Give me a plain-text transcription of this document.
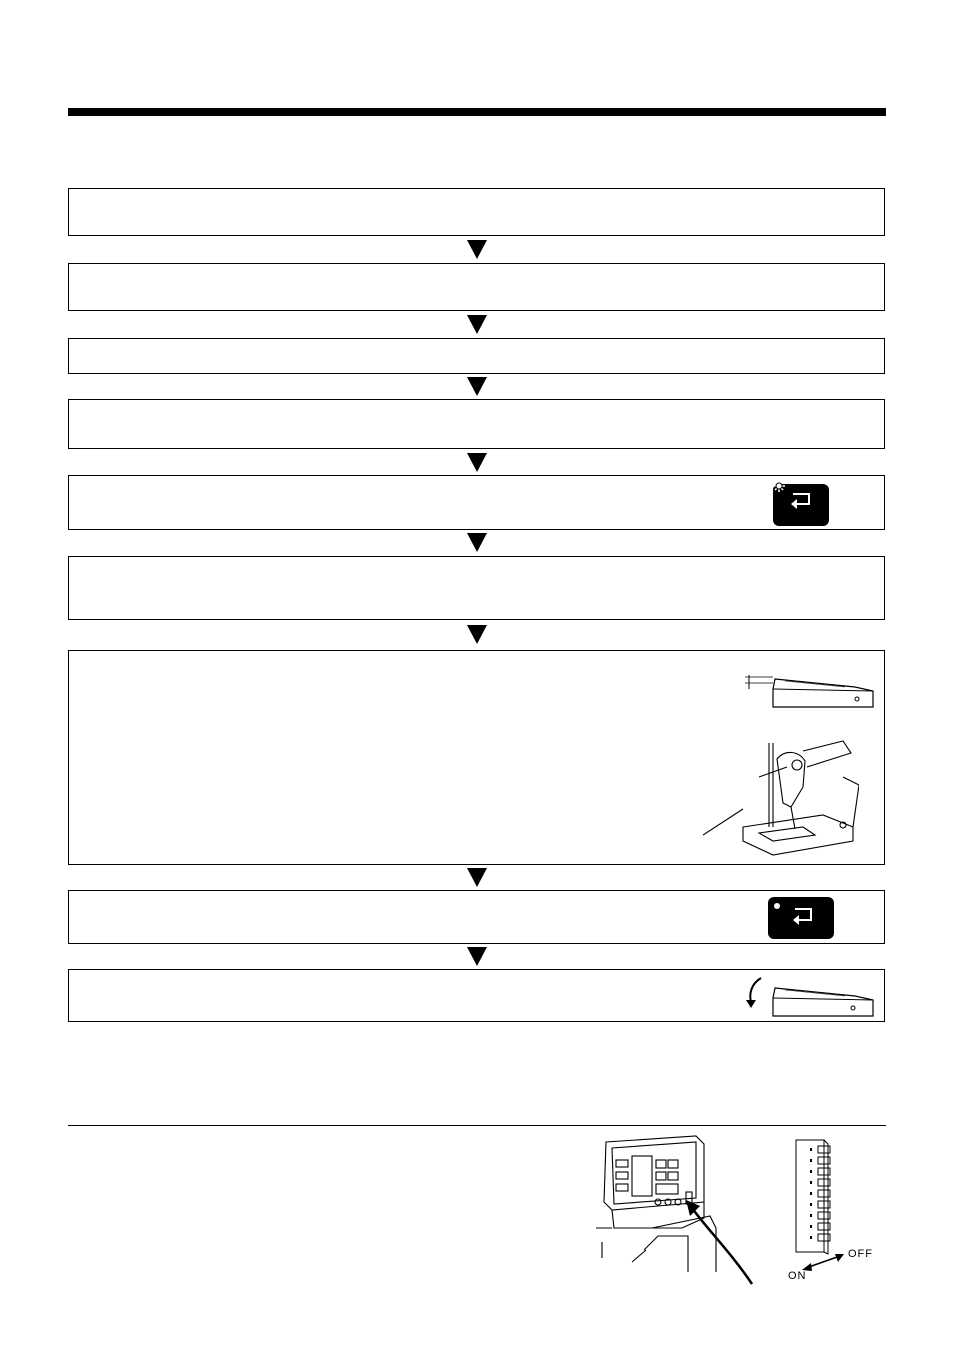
ON
OFF
